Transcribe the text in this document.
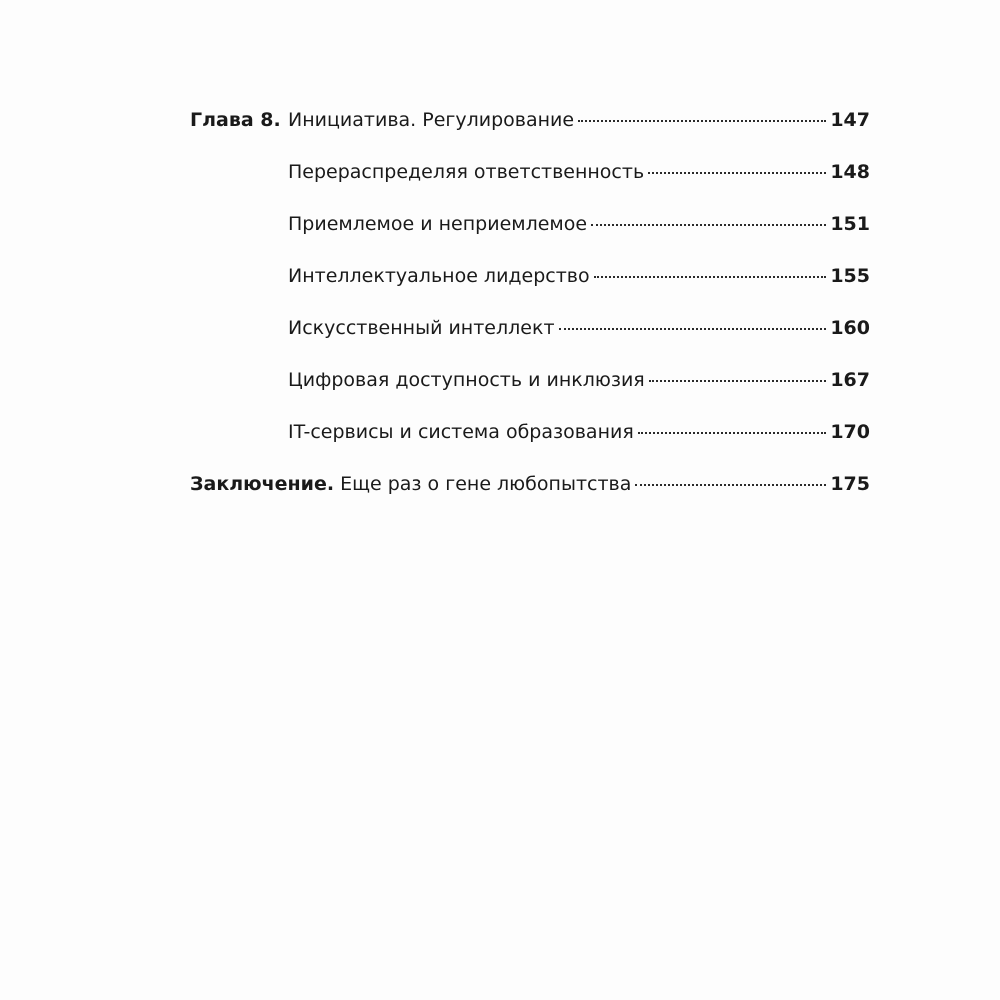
Глава 8. Инициатива. Регулирование	147
Перераспределяя ответственность	148
Приемлемое и неприемлемое	151
Интеллектуальное лидерство	155
Искусственный интеллект	160
Цифровая доступность и инклюзия	167
IT-сервисы и система образования	170
Заключение. Еще раз о гене любопытства	175
